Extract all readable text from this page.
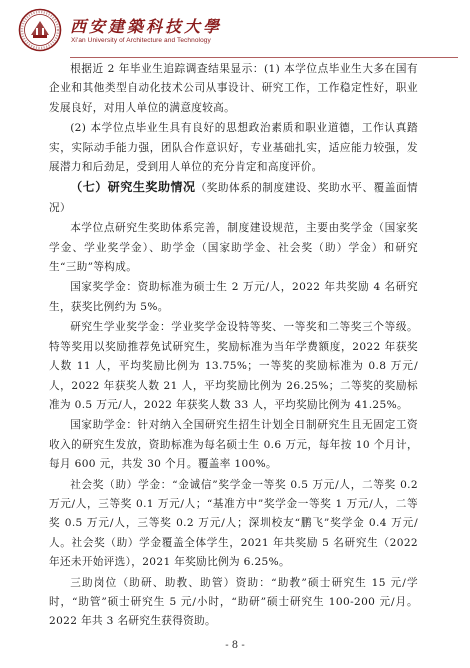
西安建築科技大學
Xi'an University of Architecture and Technology

根据近 2 年毕业生追踪调查结果显示：(1) 本学位点毕业生大多在国有企业和其他类型自动化技术公司从事设计、研究工作，工作稳定性好，职业发展良好，对用人单位的满意度较高。

(2) 本学位点毕业生具有良好的思想政治素质和职业道德，工作认真踏实，实际动手能力强，团队合作意识好，专业基础扎实，适应能力较强，发展潜力和后劲足，受到用人单位的充分肯定和高度评价。

（七）研究生奖助情况（奖助体系的制度建设、奖助水平、覆盖面情况）

本学位点研究生奖助体系完善，制度建设规范，主要由奖学金（国家奖学金、学业奖学金）、助学金（国家助学金、社会奖（助）学金）和研究生“三助”等构成。

国家奖学金：资助标准为硕士生 2 万元/人，2022 年共奖励 4 名研究生，获奖比例约为 5%。

研究生学业奖学金：学业奖学金设特等奖、一等奖和二等奖三个等级。特等奖用以奖励推荐免试研究生，奖励标准为当年学费额度，2022 年获奖人数 11 人，平均奖励比例为 13.75%；一等奖的奖励标准为 0.8 万元/人，2022 年获奖人数 21 人，平均奖励比例为 26.25%；二等奖的奖励标准为 0.5 万元/人，2022 年获奖人数 33 人，平均奖励比例为 41.25%。

国家助学金：针对纳入全国研究生招生计划全日制研究生且无固定工资收入的研究生发放，资助标准为每名硕士生 0.6 万元，每年按 10 个月计，每月 600 元，共发 30 个月。覆盖率 100%。

社会奖（助）学金：“金诚信”奖学金一等奖 0.5 万元/人，二等奖 0.2 万元/人，三等奖 0.1 万元/人；“基准方中”奖学金一等奖 1 万元/人，二等奖 0.5 万元/人，三等奖 0.2 万元/人；深圳校友“鹏飞”奖学金 0.4 万元/人。社会奖（助）学金覆盖全体学生，2021 年共奖励 5 名研究生（2022 年还未开始评选），2021 年奖励比例为 6.25%。

三助岗位（助研、助教、助管）资助：“助教”硕士研究生 15 元/学时，“助管”硕士研究生 5 元/小时，“助研”硕士研究生 100-200 元/月。2022 年共 3 名研究生获得资助。

- 8 -
